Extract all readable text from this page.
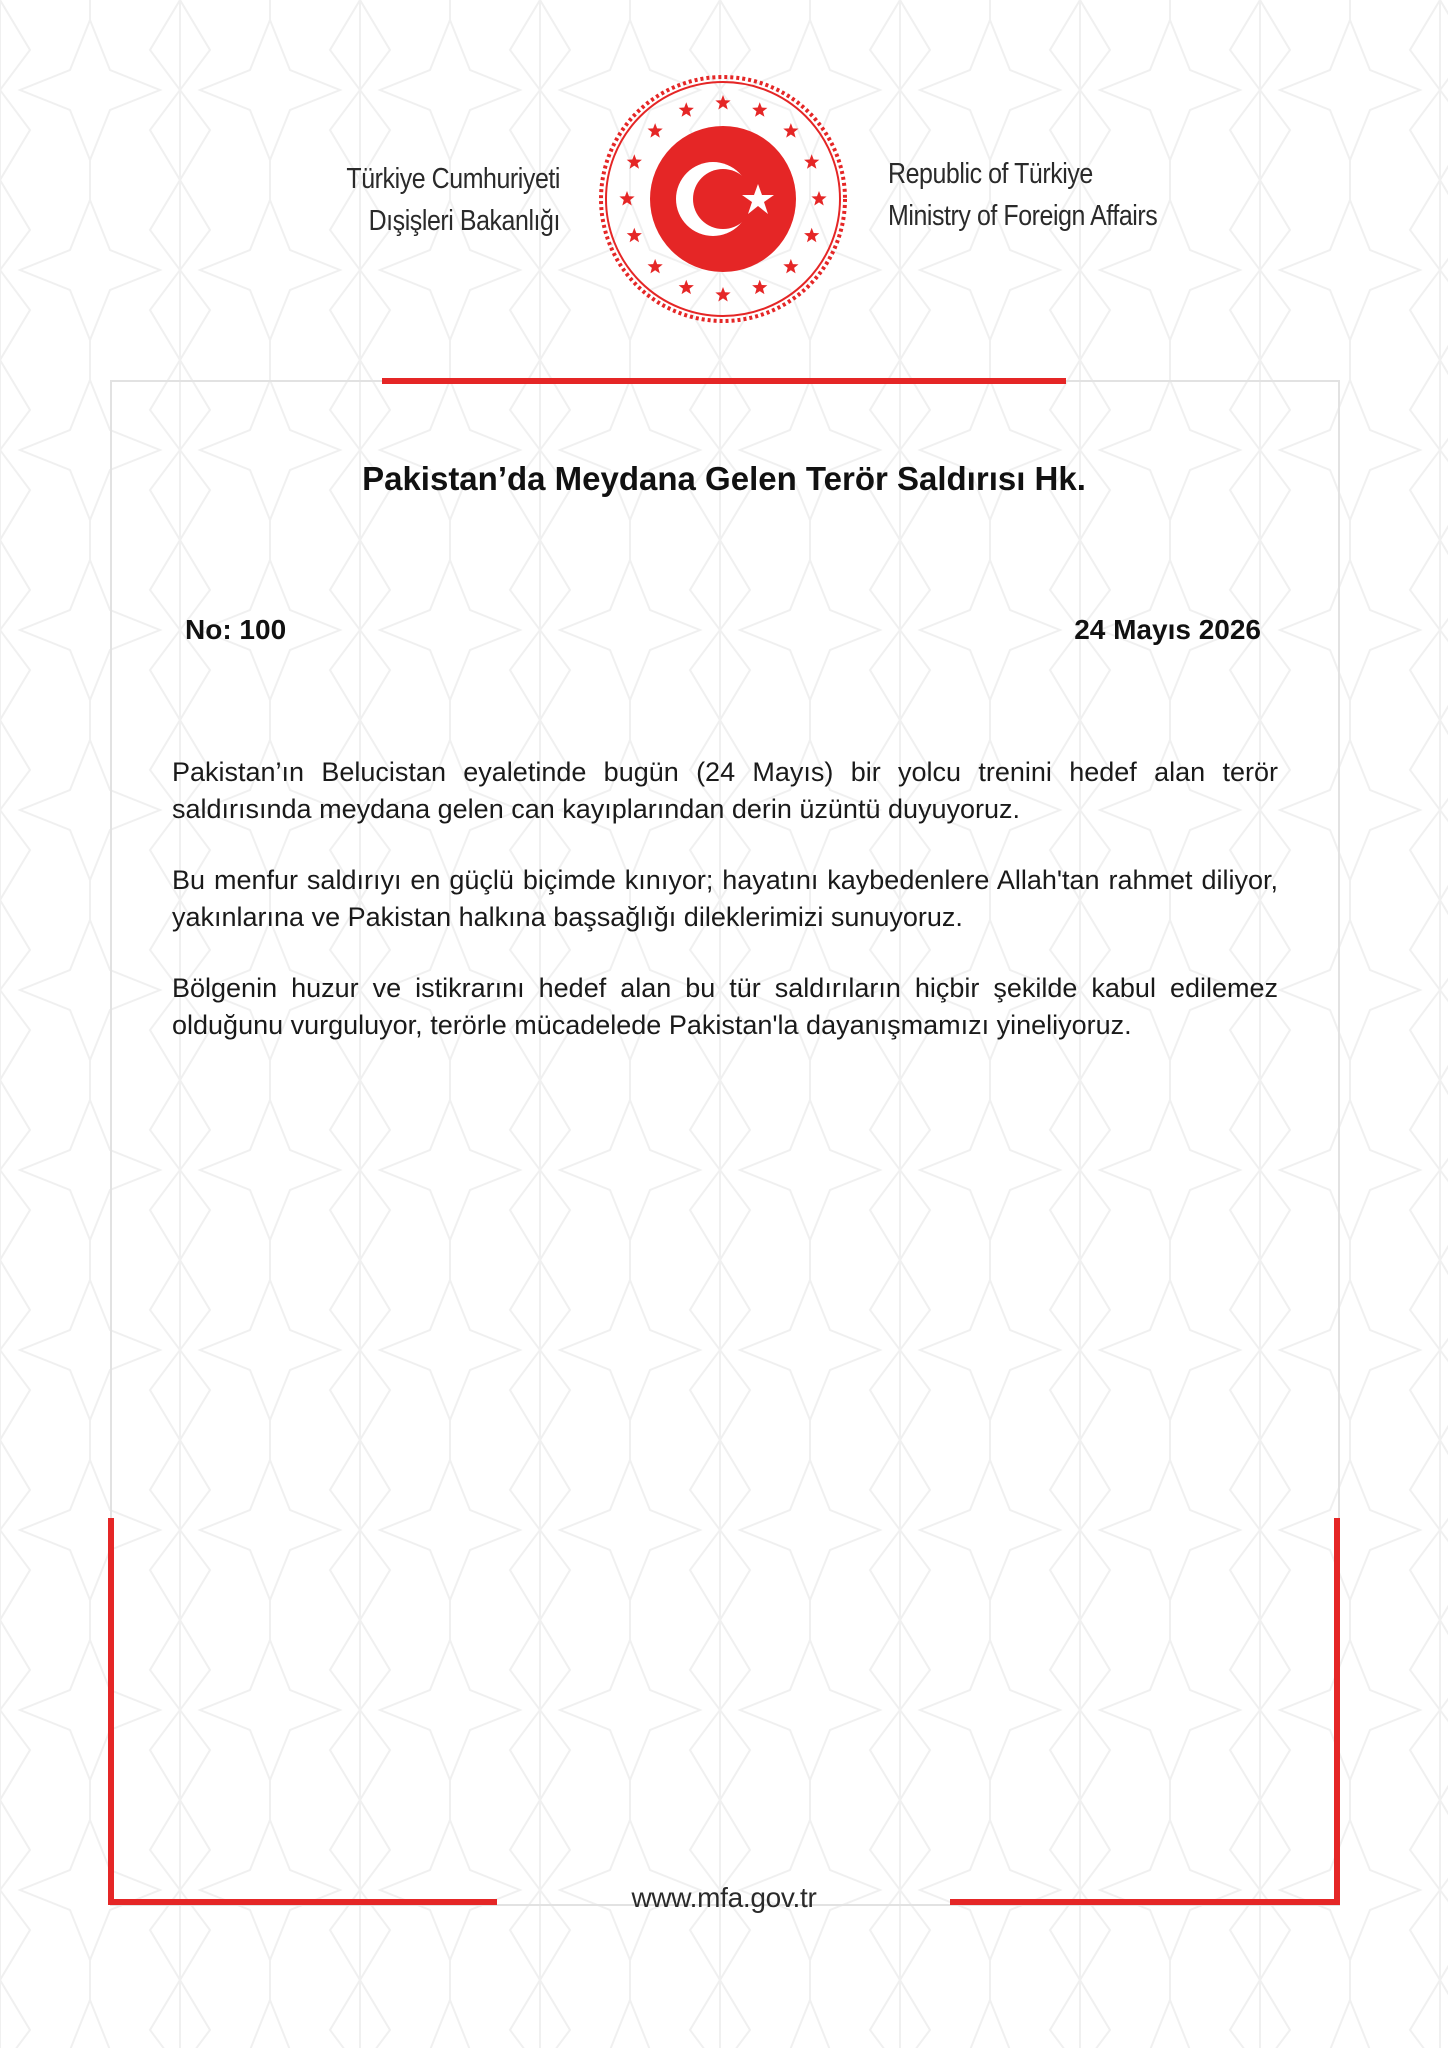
Türkiye Cumhuriyeti
Dışişleri Bakanlığı
Republic of Türkiye
Ministry of Foreign Affairs
Pakistan’da Meydana Gelen Terör Saldırısı Hk.
No: 100	24 Mayıs 2026

Pakistan’ın Belucistan eyaletinde bugün (24 Mayıs) bir yolcu trenini hedef alan terör saldırısında meydana gelen can kayıplarından derin üzüntü duyuyoruz.

Bu menfur saldırıyı en güçlü biçimde kınıyor; hayatını kaybedenlere Allah'tan rahmet diliyor, yakınlarına ve Pakistan halkına başsağlığı dileklerimizi sunuyoruz.

Bölgenin huzur ve istikrarını hedef alan bu tür saldırıların hiçbir şekilde kabul edilemez olduğunu vurguluyor, terörle mücadelede Pakistan'la dayanışmamızı yineliyoruz.

www.mfa.gov.tr
